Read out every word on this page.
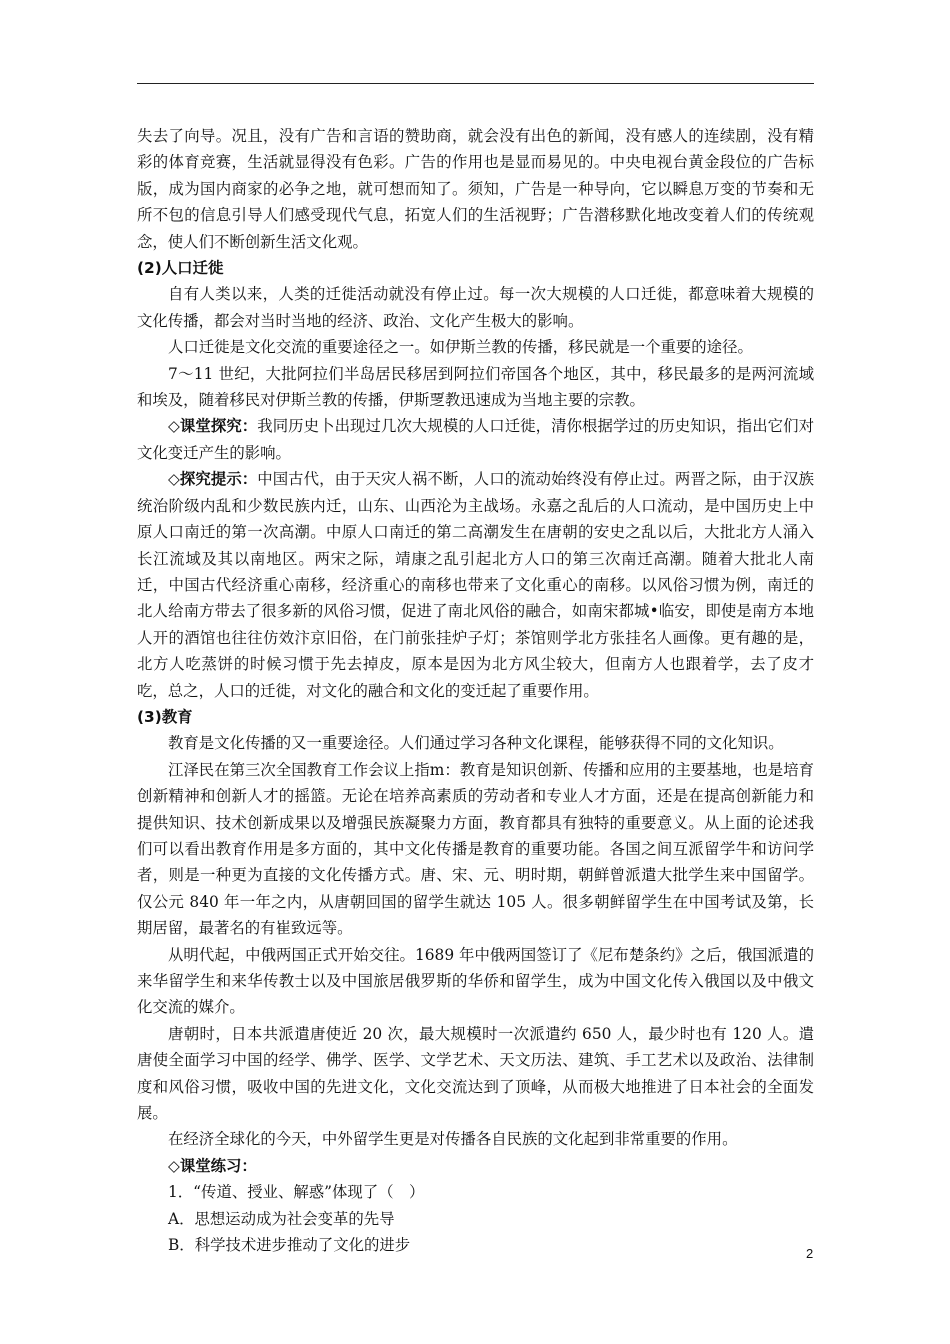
失去了向导。况且，没有广告和言语的赞助商，就会没有出色的新闻，没有感人的连续剧，没有精彩的体育竞赛，生活就显得没有色彩。广告的作用也是显而易见的。中央电视台黄金段位的广告标版，成为国内商家的必争之地，就可想而知了。须知，广告是一种导向，它以瞬息万变的节奏和无所不包的信息引导人们感受现代气息，拓宽人们的生活视野；广告潜移默化地改变着人们的传统观念，使人们不断创新生活文化观。

(2)人口迁徙

自有人类以来，人类的迁徙活动就没有停止过。每一次大规模的人口迁徙，都意味着大规模的文化传播，都会对当时当地的经济、政治、文化产生极大的影响。

人口迁徙是文化交流的重要途径之一。如伊斯兰教的传播，移民就是一个重要的途径。

7～11 世纪，大批阿拉们半岛居民移居到阿拉们帝国各个地区，其中，移民最多的是两河流域和埃及，随着移民对伊斯兰教的传播，伊斯覂教迅速成为当地主要的宗教。

◇课堂探究：我同历史卜出现过几次大规模的人口迁徙，清你根据学过的历史知识，指出它们对文化变迁产生的影响。

◇探究提示：中国古代，由于天灾人祸不断，人口的流动始终没有停止过。两晋之际，由于汉族统治阶级内乱和少数民族内迁，山东、山西沦为主战场。永嘉之乱后的人口流动，是中国历史上中原人口南迁的第一次高潮。中原人口南迁的第二高潮发生在唐朝的安史之乱以后，大批北方人涌入长江流域及其以南地区。两宋之际，靖康之乱引起北方人口的第三次南迁高潮。随着大批北人南迁，中国古代经济重心南移，经济重心的南移也带来了文化重心的南移。以风俗习惯为例，南迁的北人给南方带去了很多新的风俗习惯，促进了南北风俗的融合，如南宋都城•临安，即使是南方本地人开的酒馆也往往仿效汴京旧俗，在门前张挂炉子灯；茶馆则学北方张挂名人画像。更有趣的是，北方人吃蒸饼的时候习惯于先去掉皮，原本是因为北方风尘较大，但南方人也跟着学，去了皮才吃，总之，人口的迁徙，对文化的融合和文化的变迁起了重要作用。

(3)教育

教育是文化传播的又一重要途径。人们通过学习各种文化课程，能够获得不同的文化知识。

江泽民在第三次全国教育工作会议上指m：教育是知识创新、传播和应用的主要基地，也是培育创新精神和创新人才的摇篮。无论在培养高素质的劳动者和专业人才方面，还是在提高创新能力和提供知识、技术创新成果以及增强民族凝聚力方面，教育都具有独特的重要意义。从上面的论述我们可以看出教育作用是多方面的，其中文化传播是教育的重要功能。各国之间互派留学牛和访问学者，则是一种更为直接的文化传播方式。唐、宋、元、明时期，朝鲜曾派遣大批学生来中国留学。仅公元 840 年一年之内，从唐朝回国的留学生就达 105 人。很多朝鲜留学生在中国考试及第，长期居留，最著名的有崔致远等。

从明代起，中俄两国正式开始交往。1689 年中俄两国签订了《尼布楚条约》之后，俄国派遣的来华留学生和来华传教士以及中国旅居俄罗斯的华侨和留学生，成为中国文化传入俄国以及中俄文化交流的媒介。

唐朝时，日本共派遣唐使近 20 次，最大规模时一次派遣约 650 人，最少时也有 120 人。遣唐使全面学习中国的经学、佛学、医学、文学艺术、天文历法、建筑、手工艺术以及政治、法律制度和风俗习惯，吸收中国的先进文化，文化交流达到了顶峰，从而极大地推进了日本社会的全面发展。

在经济全球化的今天，中外留学生更是对传播各自民族的文化起到非常重要的作用。

◇课堂练习：

1．“传道、授业、解惑”体现了（　）

A．思想运动成为社会变革的先导

B．科学技术进步推动了文化的进步	2
